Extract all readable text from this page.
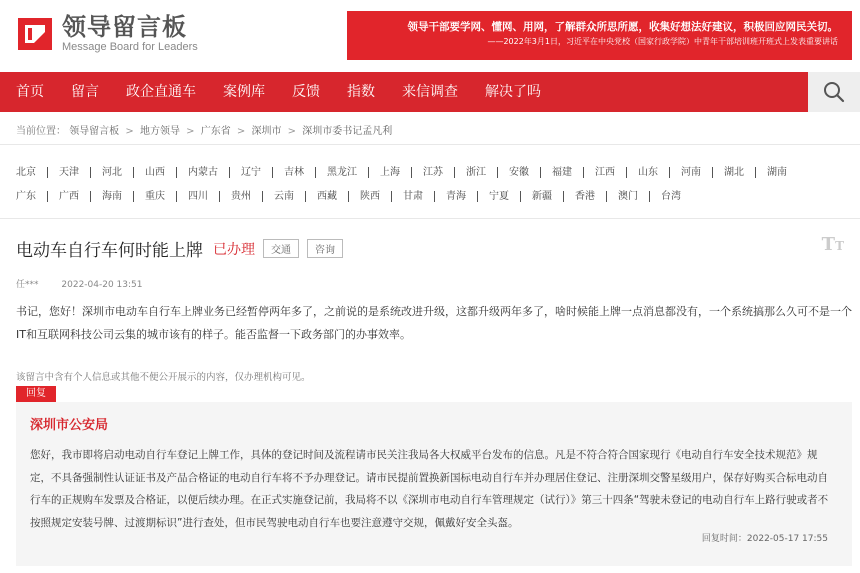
领导留言板
Message Board for Leaders
领导干部要学网、懂网、用网，了解群众所思所愿，收集好想法好建议，积极回应网民关切。
——2022年3月1日，习近平在中央党校（国家行政学院）中青年干部培训班开班式上发表重要讲话
首页 留言 政企直通车 案例库 反馈 指数 来信调查 解决了吗
当前位置： 领导留言板 > 地方领导 > 广东省 > 深圳市 > 深圳市委书记孟凡利
北京	天津	河北	山西	内蒙古	辽宁	吉林	黑龙江	上海	江苏	浙江	安徽	福建	江西	山东	河南	湖北	湖南
广东	广西	海南	重庆	四川	贵州	云南	西藏	陕西	甘肃	青海	宁夏	新疆	香港	澳门	台湾
电动车自行车何时能上牌 已办理	交通	咨询	TT
任***	2022-04-20 13:51
书记，您好！深圳市电动车自行车上牌业务已经暂停两年多了，之前说的是系统改进升级，这都升级两年多了，啥时候能上牌一点消息都没有，一个系统搞那么久可不是一个IT和互联网科技公司云集的城市该有的样子。能否监督一下政务部门的办事效率。
该留言中含有个人信息或其他不便公开展示的内容，仅办理机构可见。
回复
深圳市公安局
您好，我市即将启动电动自行车登记上牌工作，具体的登记时间及流程请市民关注我局各大权威平台发布的信息。凡是不符合符合国家现行《电动自行车安全技术规范》规定，不具备强制性认证证书及产品合格证的电动自行车将不予办理登记。请市民提前置换新国标电动自行车并办理居住登记、注册深圳交警星级用户，保存好购买合标电动自行车的正规购车发票及合格证，以便后续办理。在正式实施登记前，我局将不以《深圳市电动自行车管理规定（试行）》第三十四条“驾驶未登记的电动自行车上路行驶或者不按照规定安装号牌、过渡期标识”进行查处，但市民驾驶电动自行车也要注意遵守交规，佩戴好安全头盔。
回复时间：2022-05-17 17:55
